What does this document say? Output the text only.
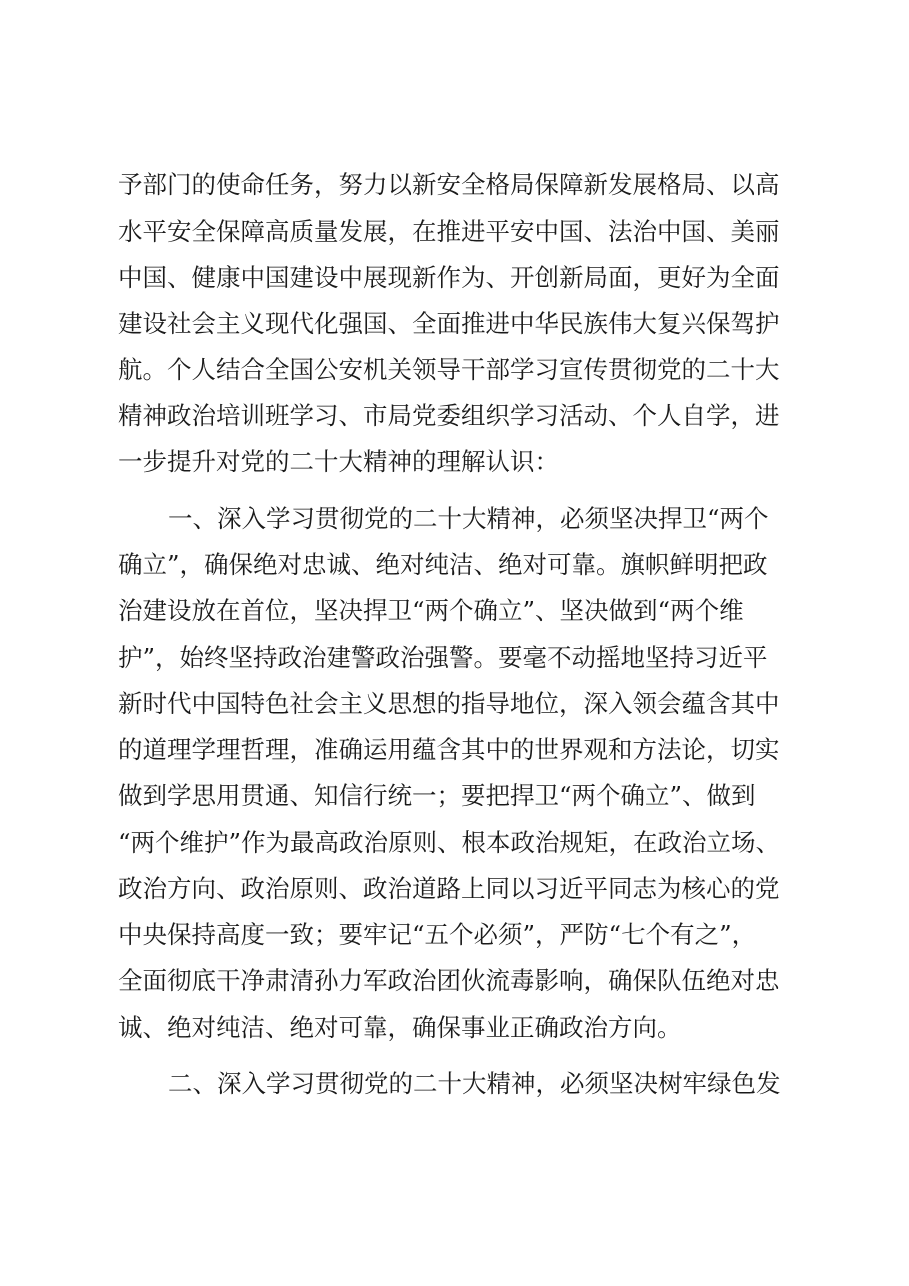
予部门的使命任务，努力以新安全格局保障新发展格局、以高
水平安全保障高质量发展，在推进平安中国、法治中国、美丽
中国、健康中国建设中展现新作为、开创新局面，更好为全面
建设社会主义现代化强国、全面推进中华民族伟大复兴保驾护
航。个人结合全国公安机关领导干部学习宣传贯彻党的二十大
精神政治培训班学习、市局党委组织学习活动、个人自学，进
一步提升对党的二十大精神的理解认识：
一、深入学习贯彻党的二十大精神，必须坚决捍卫“两个
确立”，确保绝对忠诚、绝对纯洁、绝对可靠。旗帜鲜明把政
治建设放在首位，坚决捍卫“两个确立”、坚决做到“两个维
护”，始终坚持政治建警政治强警。要毫不动摇地坚持习近平
新时代中国特色社会主义思想的指导地位，深入领会蕴含其中
的道理学理哲理，准确运用蕴含其中的世界观和方法论，切实
做到学思用贯通、知信行统一；要把捍卫“两个确立”、做到
“两个维护”作为最高政治原则、根本政治规矩，在政治立场、
政治方向、政治原则、政治道路上同以习近平同志为核心的党
中央保持高度一致；要牢记“五个必须”，严防“七个有之”，
全面彻底干净肃清孙力军政治团伙流毒影响，确保队伍绝对忠
诚、绝对纯洁、绝对可靠，确保事业正确政治方向。
二、深入学习贯彻党的二十大精神，必须坚决树牢绿色发
